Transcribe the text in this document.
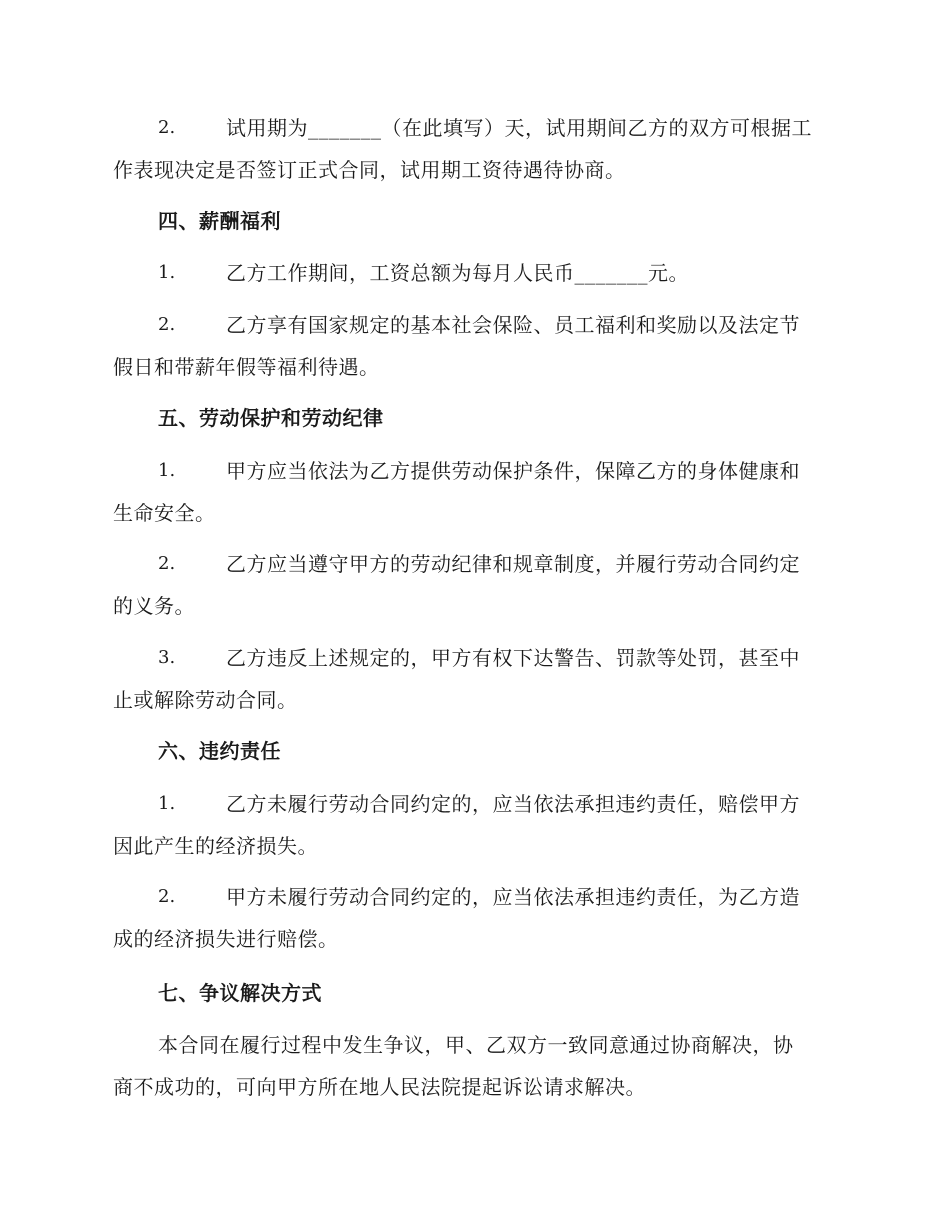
2.	试用期为_______（在此填写）天，试用期间乙方的双方可根据工
作表现决定是否签订正式合同，试用期工资待遇待协商。
四、薪酬福利
1.	乙方工作期间，工资总额为每月人民币_______元。
2.	乙方享有国家规定的基本社会保险、员工福利和奖励以及法定节
假日和带薪年假等福利待遇。
五、劳动保护和劳动纪律
1.	甲方应当依法为乙方提供劳动保护条件，保障乙方的身体健康和
生命安全。
2.	乙方应当遵守甲方的劳动纪律和规章制度，并履行劳动合同约定
的义务。
3.	乙方违反上述规定的，甲方有权下达警告、罚款等处罚，甚至中
止或解除劳动合同。
六、违约责任
1.	乙方未履行劳动合同约定的，应当依法承担违约责任，赔偿甲方
因此产生的经济损失。
2.	甲方未履行劳动合同约定的，应当依法承担违约责任，为乙方造
成的经济损失进行赔偿。
七、争议解决方式
本合同在履行过程中发生争议，甲、乙双方一致同意通过协商解决，协
商不成功的，可向甲方所在地人民法院提起诉讼请求解决。
